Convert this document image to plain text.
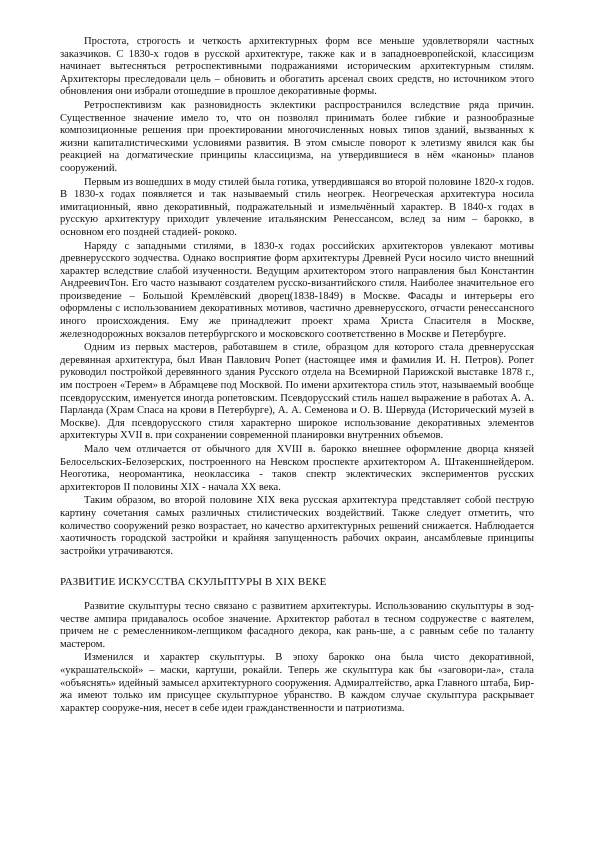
Простота, строгость и четкость архитектурных форм все меньше удовлетворяли частных заказчиков. С 1830-х годов в русской архитектуре, также как и в западноевропейской, классицизм начинает вытесняться ретроспективными подражаниями историческим архитектурным стилям. Архитекторы преследовали цель – обновить и обогатить арсенал своих средств, но источником этого обновления они избрали отошедшие в прошлое декоративные формы.

Ретроспективизм как разновидность эклектики распространился вследствие ряда причин. Существенное значение имело то, что он позволял принимать более гибкие и разнообразные композиционные решения при проектировании многочисленных новых типов зданий, вызванных к жизни капиталистическими условиями развития. В этом смысле поворот к элетизму явился как бы реакцией на догматические принципы классицизма, на утвердившиеся в нём «каноны» планов сооружений.

Первым из вошедших в моду стилей была готика, утвердившаяся во второй половине 1820-х годов. В 1830-х годах появляется и так называемый стиль неогрек. Неогреческая архитектура носила имитационный, явно декоративный, подражательный и измельчённый характер. В 1840-х годах в русскую архитектуру приходит увлечение итальянским Ренессансом, вслед за ним – барокко, в основном его поздней стадией- рококо.

Наряду с западными стилями, в 1830-х годах российских архитекторов увлекают мотивы древнерусского зодчества. Однако восприятие форм архитектуры Древней Руси носило чисто внешний характер вследствие слабой изученности. Ведущим архитектором этого направления был Константин АндреевичТон. Его часто называют создателем русско-византийского стиля. Наиболее значительное его произведение – Большой Кремлёвский дворец(1838-1849) в Москве. Фасады и интерьеры его оформлены с использованием декоративных мотивов, частично древнерусского, отчасти ренессансного иного происхождения. Ему же принадлежит проект храма Христа Спасителя в Москве, железнодорожных вокзалов петербургского и московского соответственно в Москве и Петербурге.

Одним из первых мастеров, работавшем в стиле, образцом для которого стала древнерусская деревянная архитектура, был Иван Павлович Ропет (настоящее имя и фамилия И. Н. Петров). Ропет руководил постройкой деревянного здания Русского отдела на Всемирной Парижской выставке 1878 г., им построен «Терем» в Абрамцеве под Москвой. По имени архитектора стиль этот, называемый вообще псевдорусским, именуется иногда ропетовским. Псевдорусский стиль нашел выражение в работах А. А. Парланда (Храм Спаса на крови в Петербурге), А. А. Семенова и О. В. Шервуда (Исторический музей в Москве). Для псевдорусского стиля характерно широкое использование декоративных элементов архитектуры XVII в. при сохранении современной планировки внутренних объемов.

Мало чем отличается от обычного для XVIII в. барокко внешнее оформление дворца князей Белосельских-Белозерских, построенного на Невском проспекте архитектором А. Штакеншнейдером. Неоготика, неоромантика, неоклассика - таков спектр эклектических экспериментов русских архитекторов II половины XIX - начала XX века.

Таким образом, во второй половине XIX века русская архитектура представляет собой пеструю картину сочетания самых различных стилистических воздействий. Также следует отметить, что количество сооружений резко возрастает, но качество архитектурных решений снижается. Наблюдается хаотичность городской застройки и крайняя запущенность рабочих окраин, ансамблевые принципы застройки утрачиваются.

РАЗВИТИЕ ИСКУССТВА СКУЛЬПТУРЫ В XIX ВЕКЕ

Развитие скульптуры тесно связано с развитием архитектуры. Использованию скульптуры в зод-честве ампира придавалось особое значение. Архитектор работал в тесном содружестве с ваятелем, причем не с ремесленником-лепщиком фасадного декора, как рань-ше, а с равным себе по таланту мастером.

Изменился и характер скульптуры. В эпоху барокко она была чисто декоративной, «украшательской» – маски, картуши, рокайли. Теперь же скульптура как бы «заговори-ла», стала «объяснять» идейный замысел архитектурного сооружения. Адмиралтейство, арка Главного штаба, Бир-жа имеют только им присущее скульптурное убранство. В каждом случае скульптура раскрывает характер сооруже-ния, несет в себе идеи гражданственности и патриотизма.
